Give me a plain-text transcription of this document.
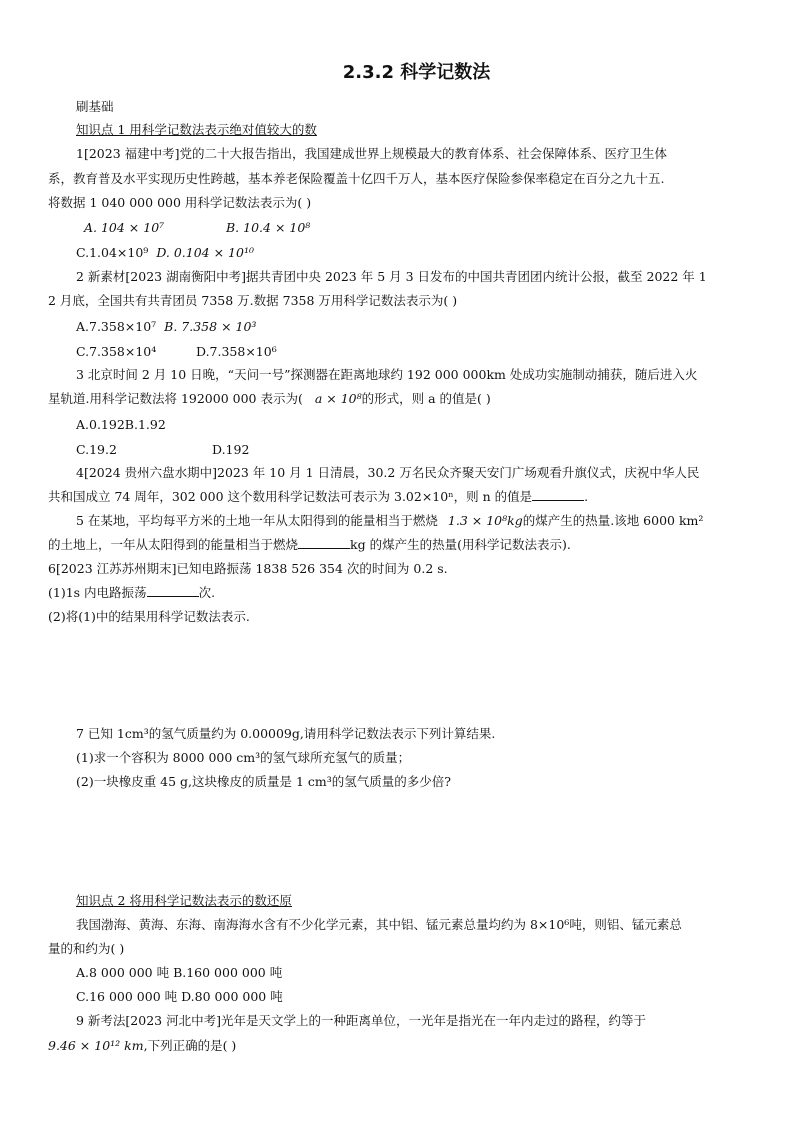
2.3.2 科学记数法
刷基础
知识点 1 用科学记数法表示绝对值较大的数
1[2023 福建中考]党的二十大报告指出，我国建成世界上规模最大的教育体系、社会保障体系、医疗卫生体
系，教育普及水平实现历史性跨越，基本养老保险覆盖十亿四千万人，基本医疗保险参保率稳定在百分之九十五.
将数据 1 040 000 000 用科学记数法表示为( )
A. 104 × 10⁷	B. 10.4 × 10⁸
C.1.04×10⁹ D. 0.104 × 10¹⁰
2 新素材[2023 湖南衡阳中考]据共青团中央 2023 年 5 月 3 日发布的中国共青团团内统计公报，截至 2022 年 1
2 月底，全国共有共青团员 7358 万.数据 7358 万用科学记数法表示为( )
A.7.358×10⁷ B. 7.358 × 10³
C.7.358×10⁴	D.7.358×10⁶
3 北京时间 2 月 10 日晚，“天问一号”探测器在距离地球约 192 000 000km 处成功实施制动捕获，随后进入火
星轨道.用科学记数法将 192000 000 表示为( a × 10⁸的形式，则 a 的值是( )
A.0.192B.1.92
C.19.2	D.192
4[2024 贵州六盘水期中]2023 年 10 月 1 日清晨，30.2 万名民众齐聚天安门广场观看升旗仪式，庆祝中华人民
共和国成立 74 周年，302 000 这个数用科学记数法可表示为 3.02×10ⁿ，则 n 的值是	.
5 在某地，平均每平方米的土地一年从太阳得到的能量相当于燃烧 1.3 × 10⁸kg的煤产生的热量.该地 6000 km²
的土地上，一年从太阳得到的能量相当于燃烧	kg 的煤产生的热量(用科学记数法表示).
6[2023 江苏苏州期末]已知电路振荡 1838 526 354 次的时间为 0.2 s.
(1)1s 内电路振荡	次.
(2)将(1)中的结果用科学记数法表示.
7 已知 1cm³的氢气质量约为 0.00009g,请用科学记数法表示下列计算结果.
(1)求一个容积为 8000 000 cm³的氢气球所充氢气的质量；
(2)一块橡皮重 45 g,这块橡皮的质量是 1 cm³的氢气质量的多少倍?
知识点 2 将用科学记数法表示的数还原
我国渤海、黄海、东海、南海海水含有不少化学元素，其中铝、锰元素总量均约为 8×10⁶吨，则铝、锰元素总
量的和约为( )
A.8 000 000 吨 B.160 000 000 吨
C.16 000 000 吨 D.80 000 000 吨
9 新考法[2023 河北中考]光年是天文学上的一种距离单位，一光年是指光在一年内走过的路程，约等于
9.46 × 10¹² km,下列正确的是( )
